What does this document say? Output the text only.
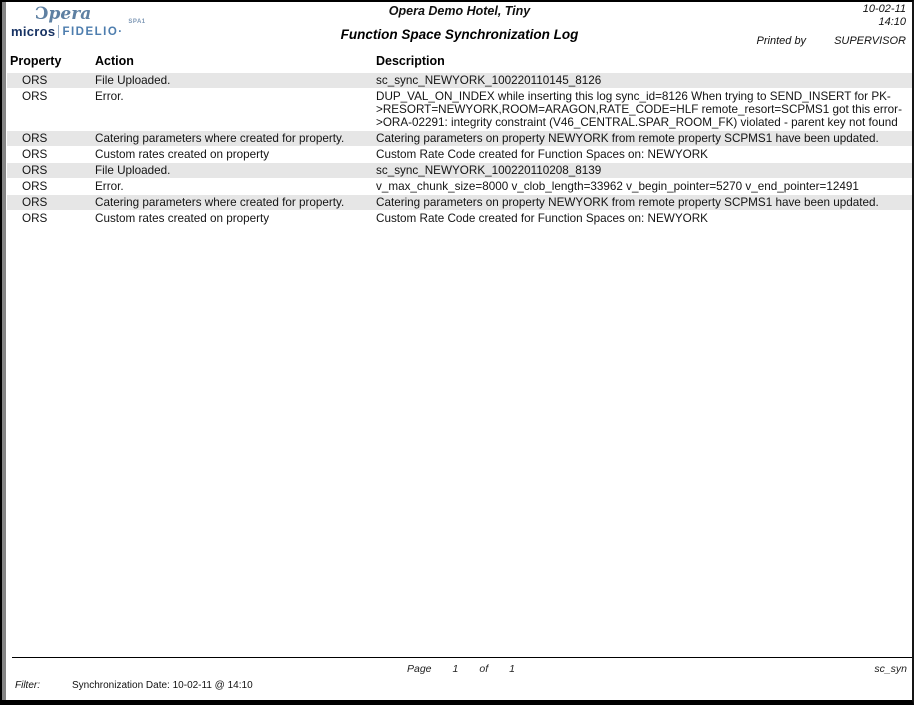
Ɔpera	SPA1
micros FIDELIO·
Opera Demo Hotel, Tiny
Function Space Synchronization Log
10-02-11
14:10
Printed by	SUPERVISOR
Property	Action	Description
ORS	File Uploaded.	sc_sync_NEWYORK_100220110145_8126
ORS	Error.	DUP_VAL_ON_INDEX while inserting this log sync_id=8126 When trying to SEND_INSERT for PK->RESORT=NEWYORK,ROOM=ARAGON,RATE_CODE=HLF remote_resort=SCPMS1 got this error->ORA-02291: integrity constraint (V46_CENTRAL.SPAR_ROOM_FK) violated - parent key not found
ORS	Catering parameters where created for property.	Catering parameters on property NEWYORK from remote property SCPMS1 have been updated.
ORS	Custom rates created on property	Custom Rate Code created for Function Spaces on: NEWYORK
ORS	File Uploaded.	sc_sync_NEWYORK_100220110208_8139
ORS	Error.	v_max_chunk_size=8000 v_clob_length=33962 v_begin_pointer=5270 v_end_pointer=12491
ORS	Catering parameters where created for property.	Catering parameters on property NEWYORK from remote property SCPMS1 have been updated.
ORS	Custom rates created on property	Custom Rate Code created for Function Spaces on: NEWYORK
Page 1 of 1	sc_syn
Filter:	Synchronization Date: 10-02-11 @ 14:10
